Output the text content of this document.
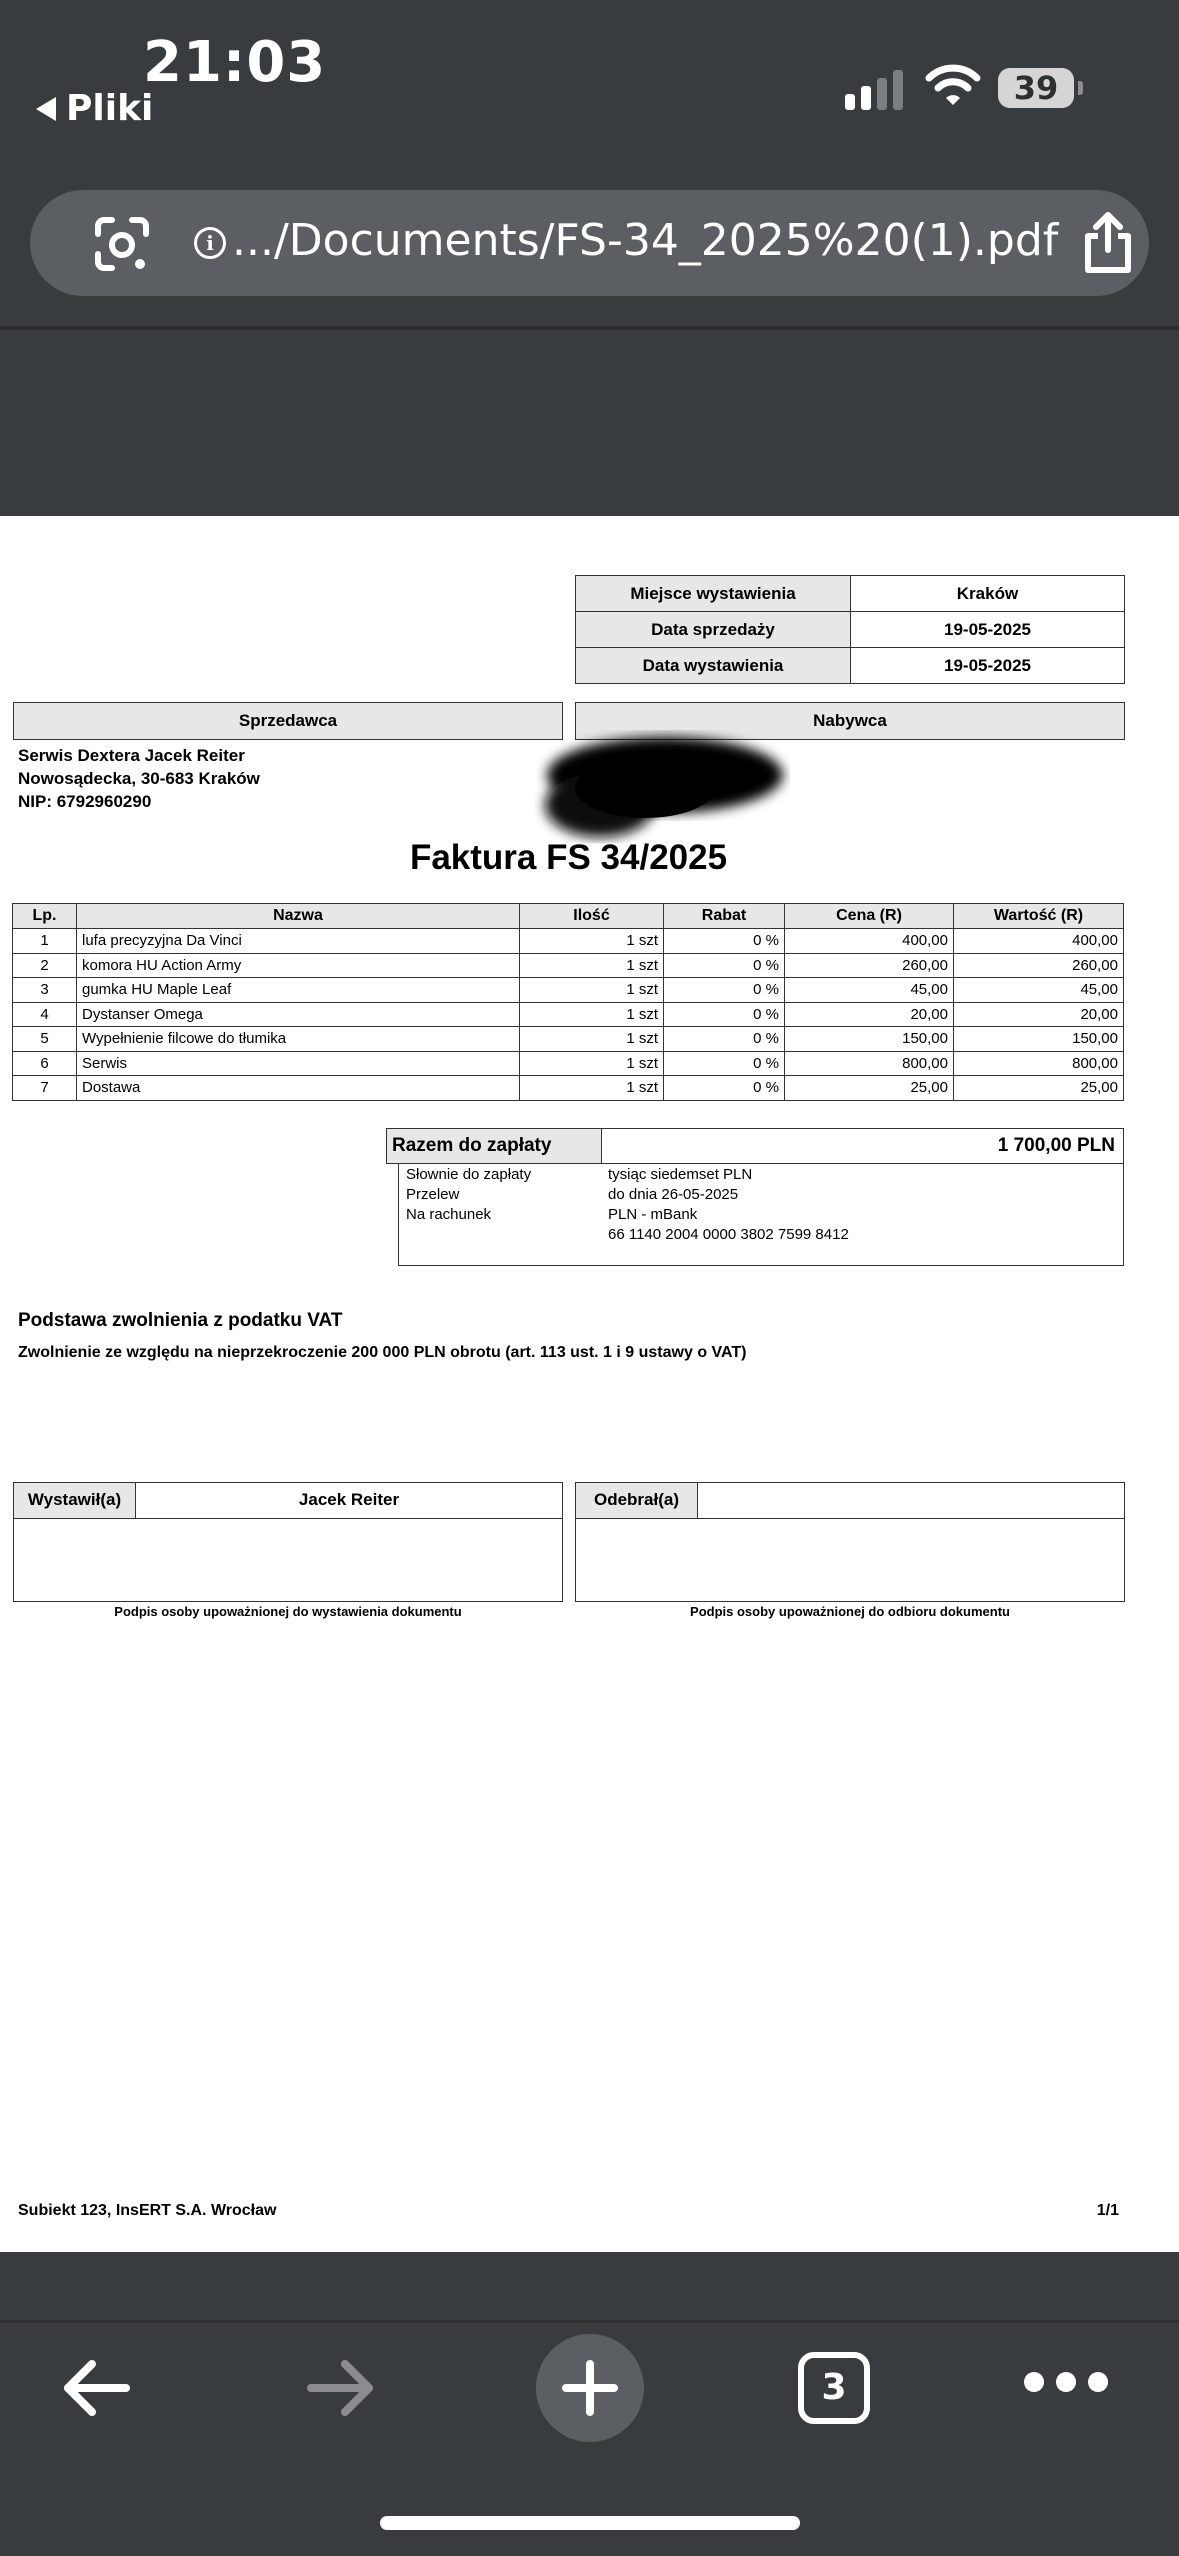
21:03
Pliki	39
i .../Documents/FS-34_2025%20(1).pdf
Miejsce wystawienia	Kraków
Data sprzedaży	19-05-2025
Data wystawienia	19-05-2025
Sprzedawca	Nabywca
Serwis Dextera Jacek Reiter
Nowosądecka, 30-683 Kraków
NIP: 6792960290
Faktura FS 34/2025
Lp.	Nazwa	Ilość	Rabat	Cena (R)	Wartość (R)
1	lufa precyzyjna Da Vinci	1 szt	0 %	400,00	400,00
2	komora HU Action Army	1 szt	0 %	260,00	260,00
3	gumka HU Maple Leaf	1 szt	0 %	45,00	45,00
4	Dystanser Omega	1 szt	0 %	20,00	20,00
5	Wypełnienie filcowe do tłumika	1 szt	0 %	150,00	150,00
6	Serwis	1 szt	0 %	800,00	800,00
7	Dostawa	1 szt	0 %	25,00	25,00
Razem do zapłaty	1 700,00 PLN
Słownie do zapłaty	tysiąc siedemset PLN
Przelew	do dnia 26-05-2025
Na rachunek	PLN - mBank
66 1140 2004 0000 3802 7599 8412
Podstawa zwolnienia z podatku VAT
Zwolnienie ze względu na nieprzekroczenie 200 000 PLN obrotu (art. 113 ust. 1 i 9 ustawy o VAT)
Wystawił(a)	Jacek Reiter	Odebrał(a)
Podpis osoby upoważnionej do wystawienia dokumentu	Podpis osoby upoważnionej do odbioru dokumentu
Subiekt 123, InsERT S.A. Wrocław	1/1
3
